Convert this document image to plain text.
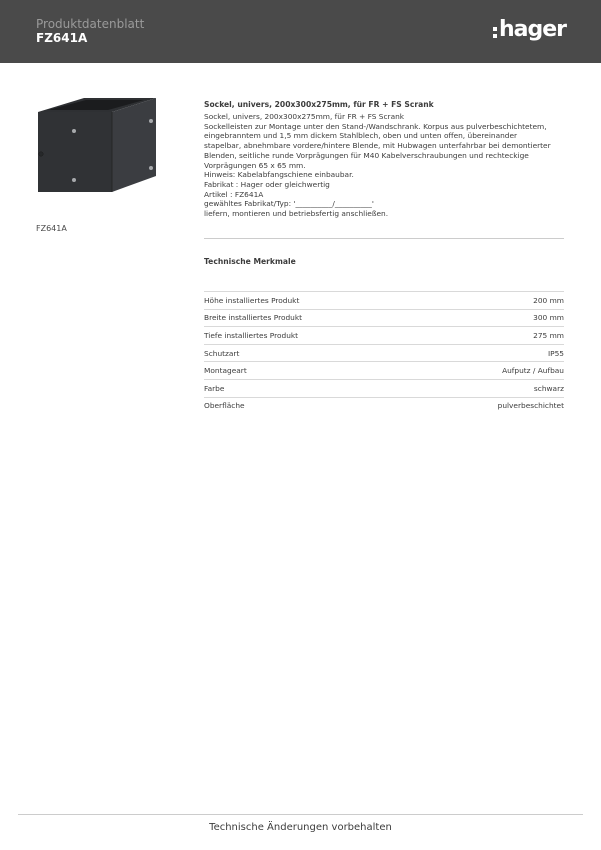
Produktdatenblatt
FZ641A	hager
FZ641A
Sockel, univers, 200x300x275mm, für FR + FS Scrank
Sockel, univers, 200x300x275mm, für FR + FS Scrank
Sockelleisten zur Montage unter den Stand-/Wandschrank. Korpus aus pulverbeschichtetem,
eingebranntem und 1,5 mm dickem Stahlblech, oben und unten offen, übereinander
stapelbar, abnehmbare vordere/hintere Blende, mit Hubwagen unterfahrbar bei demontierter
Blenden, seitliche runde Vorprägungen für M40 Kabelverschraubungen und rechteckige
Vorprägungen 65 x 65 mm.
Hinweis: Kabelabfangschiene einbaubar.
Fabrikat : Hager oder gleichwertig
Artikel : FZ641A
gewähltes Fabrikat/Typ: '__________/__________'
liefern, montieren und betriebsfertig anschließen.
Technische Merkmale
Höhe installiertes Produkt	200 mm
Breite installiertes Produkt	300 mm
Tiefe installiertes Produkt	275 mm
Schutzart	IP55
Montageart	Aufputz / Aufbau
Farbe	schwarz
Oberfläche	pulverbeschichtet
Technische Änderungen vorbehalten
